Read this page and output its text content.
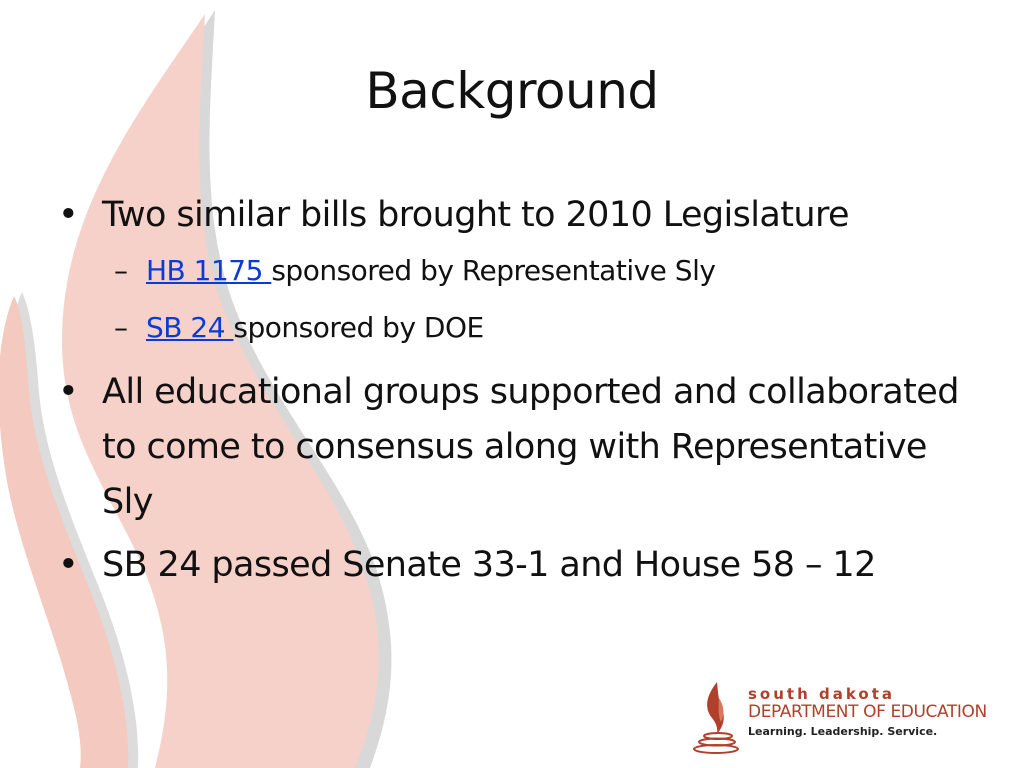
Background
• Two similar bills brought to 2010 Legislature
– HB 1175 sponsored by Representative Sly
– SB 24 sponsored by DOE
• All educational groups supported and collaborated to come to consensus along with Representative Sly
• SB 24 passed Senate 33-1 and House 58 – 12
south dakota
DEPARTMENT OF EDUCATION
Learning. Leadership. Service.
